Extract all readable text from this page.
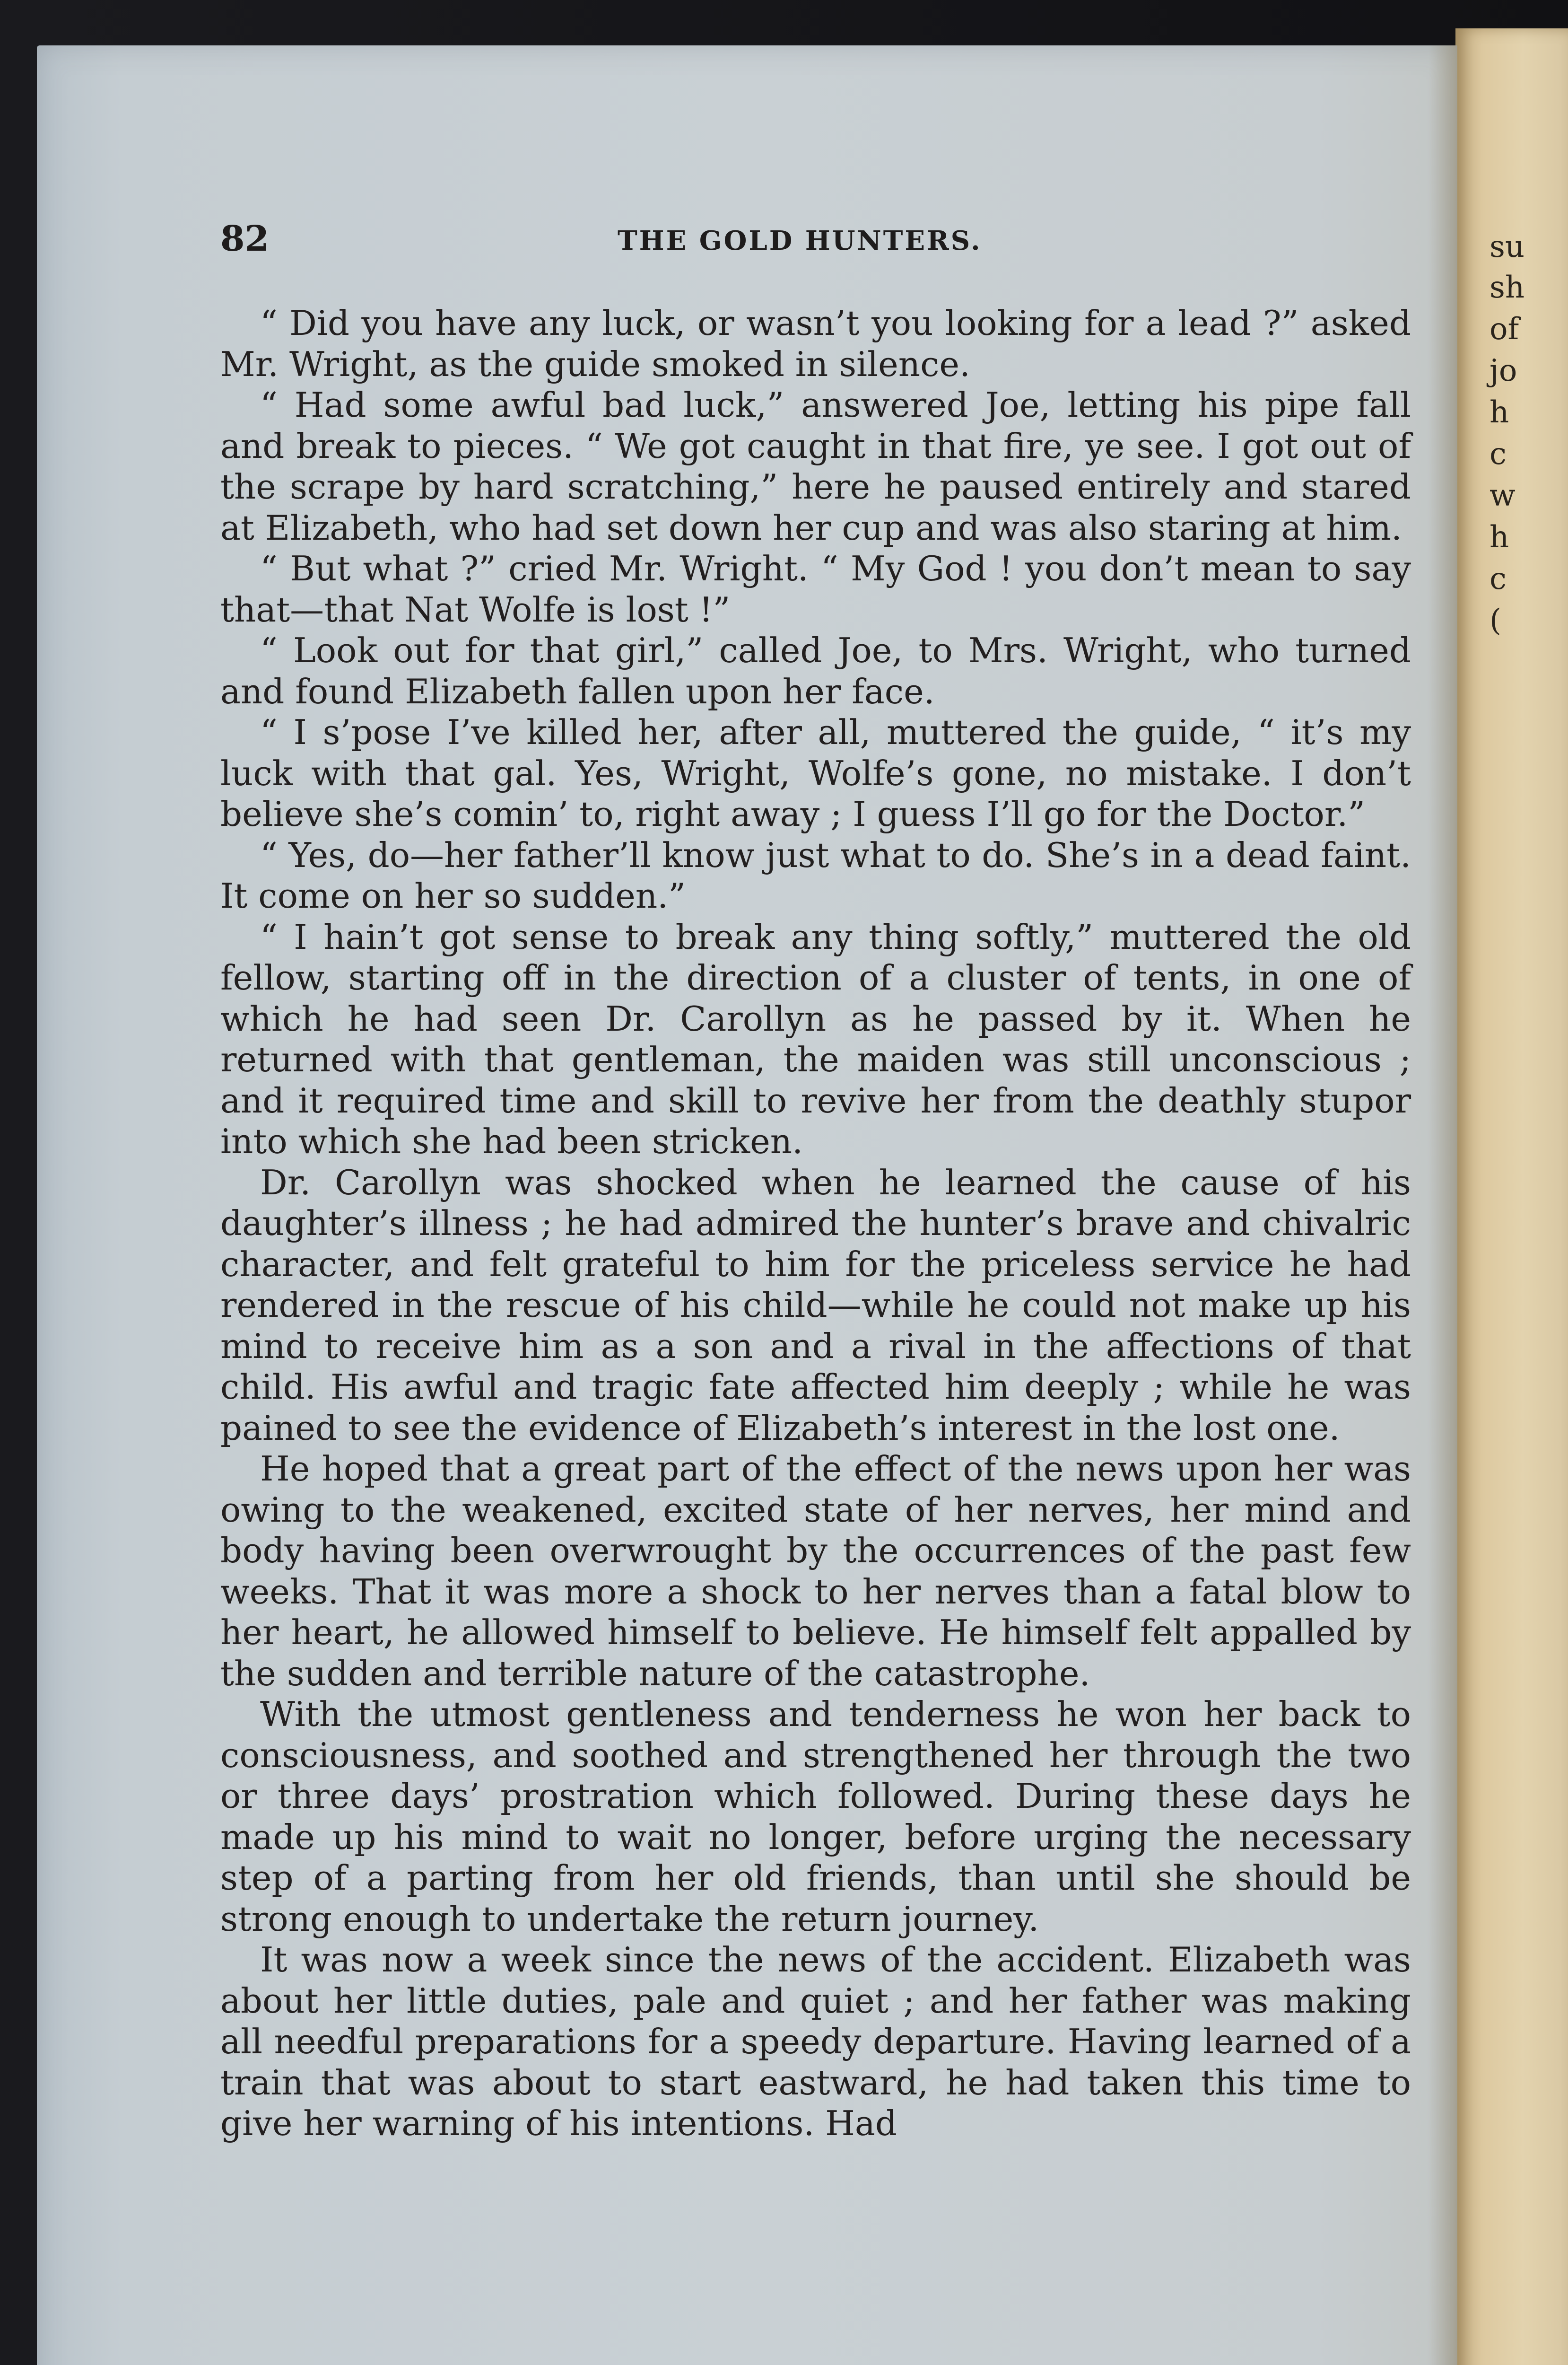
su
sh
of
jo
h
c
w
h
c
(
82	THE GOLD HUNTERS.

“ Did you have any luck, or wasn’t you looking for a lead ?” asked Mr. Wright, as the guide smoked in silence.

“ Had some awful bad luck,” answered Joe, letting his pipe fall and break to pieces. “ We got caught in that fire, ye see. I got out of the scrape by hard scratching,” here he paused entirely and stared at Elizabeth, who had set down her cup and was also staring at him.

“ But what ?” cried Mr. Wright. “ My God ! you don’t mean to say that—that Nat Wolfe is lost !”

“ Look out for that girl,” called Joe, to Mrs. Wright, who turned and found Elizabeth fallen upon her face.

“ I s’pose I’ve killed her, after all, muttered the guide, “ it’s my luck with that gal. Yes, Wright, Wolfe’s gone, no mistake. I don’t believe she’s comin’ to, right away ; I guess I’ll go for the Doctor.”

“ Yes, do—her father’ll know just what to do. She’s in a dead faint. It come on her so sudden.”

“ I hain’t got sense to break any thing softly,” muttered the old fellow, starting off in the direction of a cluster of tents, in one of which he had seen Dr. Carollyn as he passed by it. When he returned with that gentleman, the maiden was still unconscious ; and it required time and skill to revive her from the deathly stupor into which she had been stricken.

Dr. Carollyn was shocked when he learned the cause of his daughter’s illness ; he had admired the hunter’s brave and chivalric character, and felt grateful to him for the priceless service he had rendered in the rescue of his child—while he could not make up his mind to receive him as a son and a rival in the affections of that child. His awful and tragic fate affected him deeply ; while he was pained to see the evidence of Elizabeth’s interest in the lost one.

He hoped that a great part of the effect of the news upon her was owing to the weakened, excited state of her nerves, her mind and body having been overwrought by the occurrences of the past few weeks. That it was more a shock to her nerves than a fatal blow to her heart, he allowed himself to believe. He himself felt appalled by the sudden and terrible nature of the catastrophe.

With the utmost gentleness and tenderness he won her back to consciousness, and soothed and strengthened her through the two or three days’ prostration which followed. During these days he made up his mind to wait no longer, before urging the necessary step of a parting from her old friends, than until she should be strong enough to undertake the return journey.

It was now a week since the news of the accident. Elizabeth was about her little duties, pale and quiet ; and her father was making all needful preparations for a speedy departure. Having learned of a train that was about to start eastward, he had taken this time to give her warning of his intentions. Had
